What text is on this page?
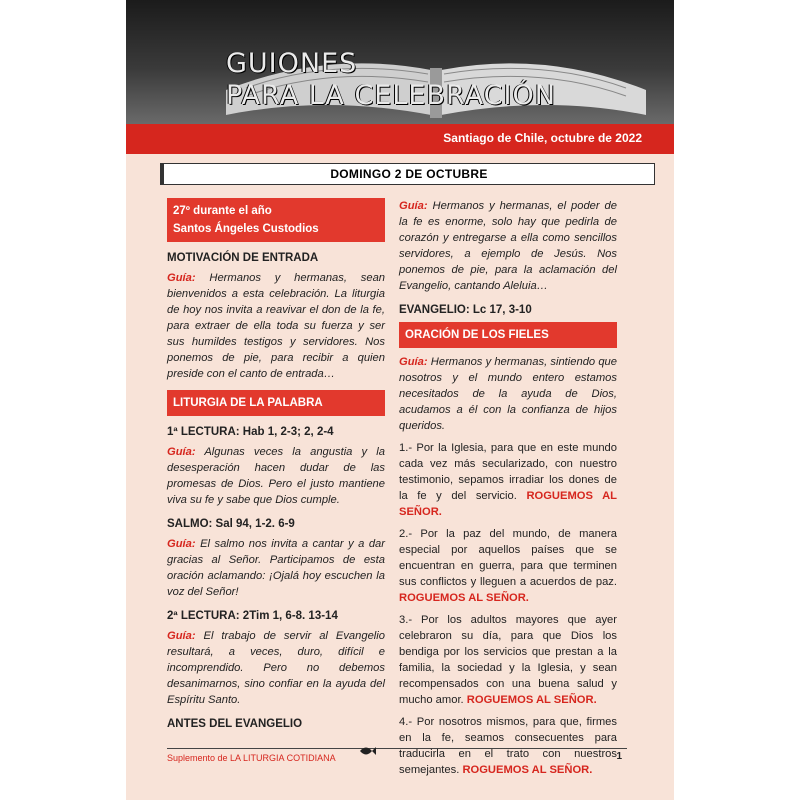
GUIONES
PARA LA CELEBRACIÓN
Santiago de Chile, octubre de 2022
DOMINGO 2 DE OCTUBRE
27º durante el año
Santos Ángeles Custodios
MOTIVACIÓN DE ENTRADA

Guía: Hermanos y hermanas, sean bienvenidos a esta celebración. La liturgia de hoy nos invita a reavivar el don de la fe, para extraer de ella toda su fuerza y ser sus humildes testigos y servidores. Nos ponemos de pie, para recibir a quien preside con el canto de entrada…

LITURGIA DE LA PALABRA
1ª LECTURA: Hab 1, 2-3; 2, 2-4

Guía: Algunas veces la angustia y la desesperación hacen dudar de las promesas de Dios. Pero el justo mantiene viva su fe y sabe que Dios cumple.

SALMO: Sal 94, 1-2. 6-9

Guía: El salmo nos invita a cantar y a dar gracias al Señor. Participamos de esta oración aclamando: ¡Ojalá hoy escuchen la voz del Señor!

2ª LECTURA: 2Tim 1, 6-8. 13-14

Guía: El trabajo de servir al Evangelio resultará, a veces, duro, difícil e incomprendido. Pero no debemos desanimarnos, sino confiar en la ayuda del Espíritu Santo.

ANTES DEL EVANGELIO

Guía: Hermanos y hermanas, el poder de la fe es enorme, solo hay que pedirla de corazón y entregarse a ella como sencillos servidores, a ejemplo de Jesús. Nos ponemos de pie, para la aclamación del Evangelio, cantando Aleluia…

EVANGELIO: Lc 17, 3-10
ORACIÓN DE LOS FIELES

Guía: Hermanos y hermanas, sintiendo que nosotros y el mundo entero estamos necesitados de la ayuda de Dios, acudamos a él con la confianza de hijos queridos.

1.- Por la Iglesia, para que en este mundo cada vez más secularizado, con nuestro testimonio, sepamos irradiar los dones de la fe y del servicio. ROGUEMOS AL SEÑOR.

2.- Por la paz del mundo, de manera especial por aquellos países que se encuentran en guerra, para que terminen sus conflictos y lleguen a acuerdos de paz. ROGUEMOS AL SEÑOR.

3.- Por los adultos mayores que ayer celebraron su día, para que Dios los bendiga por los servicios que prestan a la familia, la sociedad y la Iglesia, y sean recompensados con una buena salud y mucho amor. ROGUEMOS AL SEÑOR.

4.- Por nosotros mismos, para que, firmes en la fe, seamos consecuentes para traducirla en el trato con nuestros semejantes. ROGUEMOS AL SEÑOR.

Suplemento de LA LITURGIA COTIDIANA	1
